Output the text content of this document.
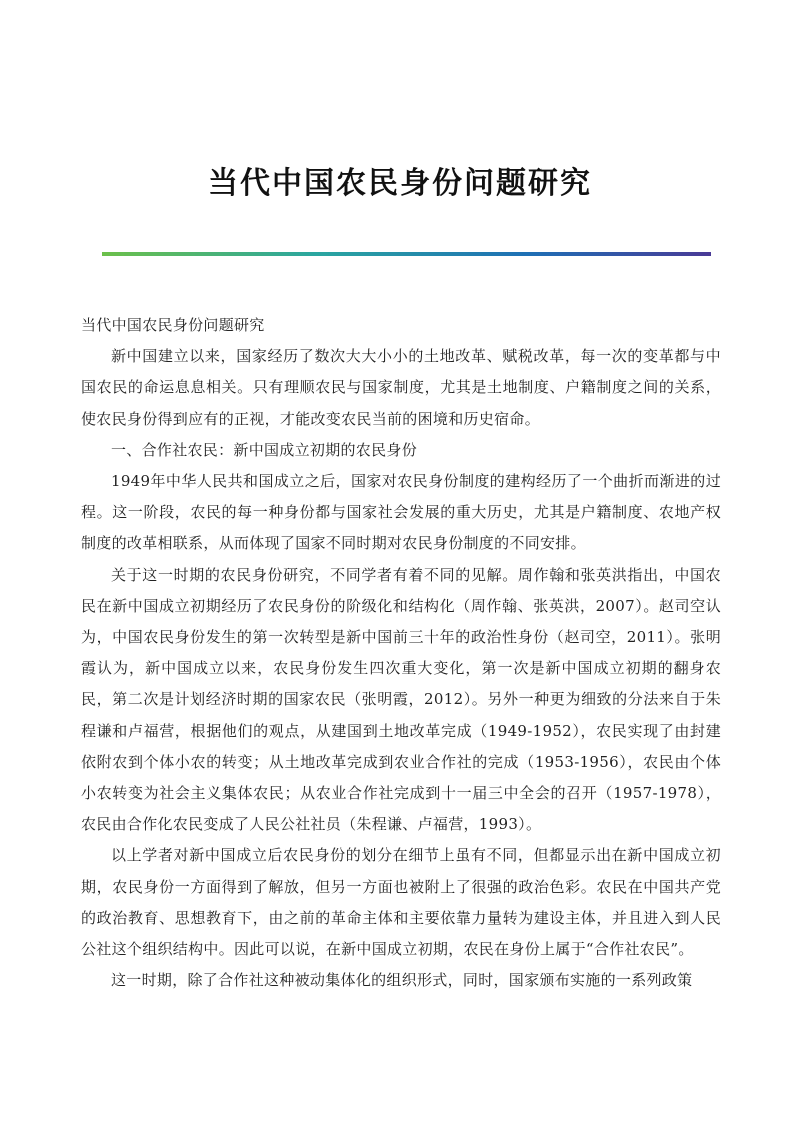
当代中国农民身份问题研究

当代中国农民身份问题研究

新中国建立以来，国家经历了数次大大小小的土地改革、赋税改革，每一次的变革都与中国农民的命运息息相关。只有理顺农民与国家制度，尤其是土地制度、户籍制度之间的关系，使农民身份得到应有的正视，才能改变农民当前的困境和历史宿命。

一、合作社农民：新中国成立初期的农民身份

1949年中华人民共和国成立之后，国家对农民身份制度的建构经历了一个曲折而渐进的过程。这一阶段，农民的每一种身份都与国家社会发展的重大历史，尤其是户籍制度、农地产权制度的改革相联系，从而体现了国家不同时期对农民身份制度的不同安排。

关于这一时期的农民身份研究，不同学者有着不同的见解。周作翰和张英洪指出，中国农民在新中国成立初期经历了农民身份的阶级化和结构化（周作翰、张英洪，2007）。赵司空认为，中国农民身份发生的第一次转型是新中国前三十年的政治性身份（赵司空，2011）。张明霞认为，新中国成立以来，农民身份发生四次重大变化，第一次是新中国成立初期的翻身农民，第二次是计划经济时期的国家农民（张明霞，2012）。另外一种更为细致的分法来自于朱程谦和卢福营，根据他们的观点，从建国到土地改革完成（1949-1952），农民实现了由封建依附农到个体小农的转变；从土地改革完成到农业合作社的完成（1953-1956），农民由个体小农转变为社会主义集体农民；从农业合作社完成到十一届三中全会的召开（1957-1978），农民由合作化农民变成了人民公社社员（朱程谦、卢福营，1993）。

以上学者对新中国成立后农民身份的划分在细节上虽有不同，但都显示出在新中国成立初期，农民身份一方面得到了解放，但另一方面也被附上了很强的政治色彩。农民在中国共产党的政治教育、思想教育下，由之前的革命主体和主要依靠力量转为建设主体，并且进入到人民公社这个组织结构中。因此可以说，在新中国成立初期，农民在身份上属于“合作社农民”。

这一时期，除了合作社这种被动集体化的组织形式，同时，国家颁布实施的一系列政策
